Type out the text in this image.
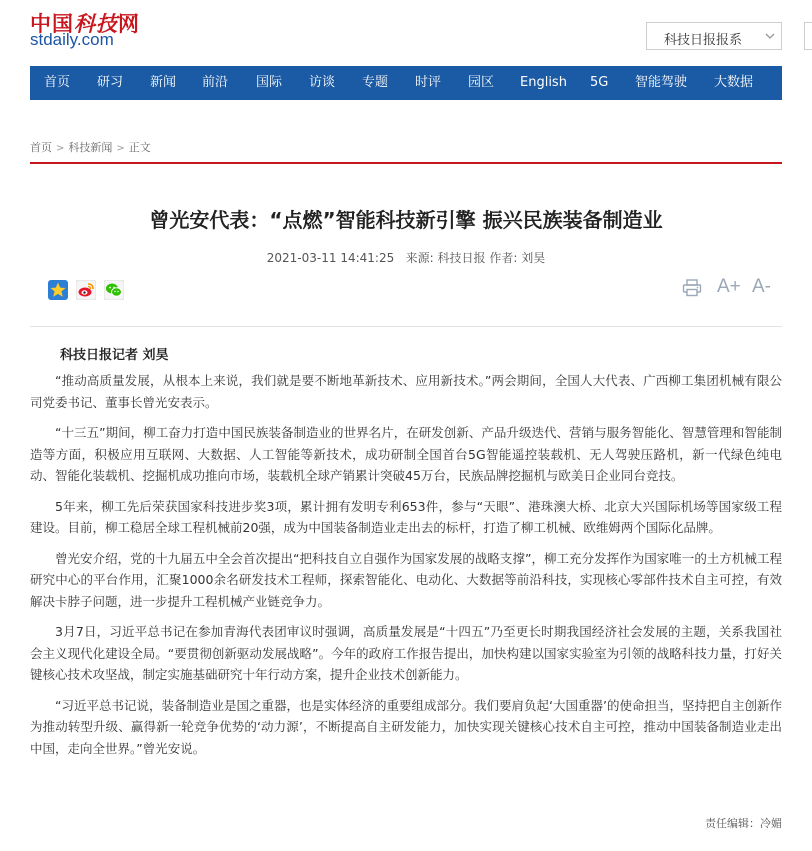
中国科技网
stdaily.com	科技日报报系
首页 研习 新闻 前沿 国际 访谈 专题 时评 园区 English 5G 智能驾驶 大数据
首页 > 科技新闻 > 正文
曾光安代表：“点燃”智能科技新引擎 振兴民族装备制造业
2021-03-11 14:41:25 来源: 科技日报 作者: 刘昊
A+ A-
科技日报记者 刘昊

“推动高质量发展，从根本上来说，我们就是要不断地革新技术、应用新技术。”两会期间，全国人大代表、广西柳工集团机械有限公司党委书记、董事长曾光安表示。

“十三五”期间，柳工奋力打造中国民族装备制造业的世界名片，在研发创新、产品升级迭代、营销与服务智能化、智慧管理和智能制造等方面，积极应用互联网、大数据、人工智能等新技术，成功研制全国首台5G智能遥控装载机、无人驾驶压路机，新一代绿色纯电动、智能化装载机、挖掘机成功推向市场，装载机全球产销累计突破45万台，民族品牌挖掘机与欧美日企业同台竞技。

5年来，柳工先后荣获国家科技进步奖3项，累计拥有发明专利653件，参与“天眼”、港珠澳大桥、北京大兴国际机场等国家级工程建设。目前，柳工稳居全球工程机械前20强，成为中国装备制造业走出去的标杆，打造了柳工机械、欧维姆两个国际化品牌。

曾光安介绍，党的十九届五中全会首次提出“把科技自立自强作为国家发展的战略支撑”，柳工充分发挥作为国家唯一的土方机械工程研究中心的平台作用，汇聚1000余名研发技术工程师，探索智能化、电动化、大数据等前沿科技，实现核心零部件技术自主可控，有效解决卡脖子问题，进一步提升工程机械产业链竞争力。

3月7日，习近平总书记在参加青海代表团审议时强调，高质量发展是“十四五”乃至更长时期我国经济社会发展的主题，关系我国社会主义现代化建设全局。“要贯彻创新驱动发展战略”。今年的政府工作报告提出，加快构建以国家实验室为引领的战略科技力量，打好关键核心技术攻坚战，制定实施基础研究十年行动方案，提升企业技术创新能力。

“习近平总书记说，装备制造业是国之重器，也是实体经济的重要组成部分。我们要肩负起‘大国重器’的使命担当，坚持把自主创新作为推动转型升级、赢得新一轮竞争优势的‘动力源’，不断提高自主研发能力，加快实现关键核心技术自主可控，推动中国装备制造业走出中国，走向全世界。”曾光安说。

责任编辑：冷媚
